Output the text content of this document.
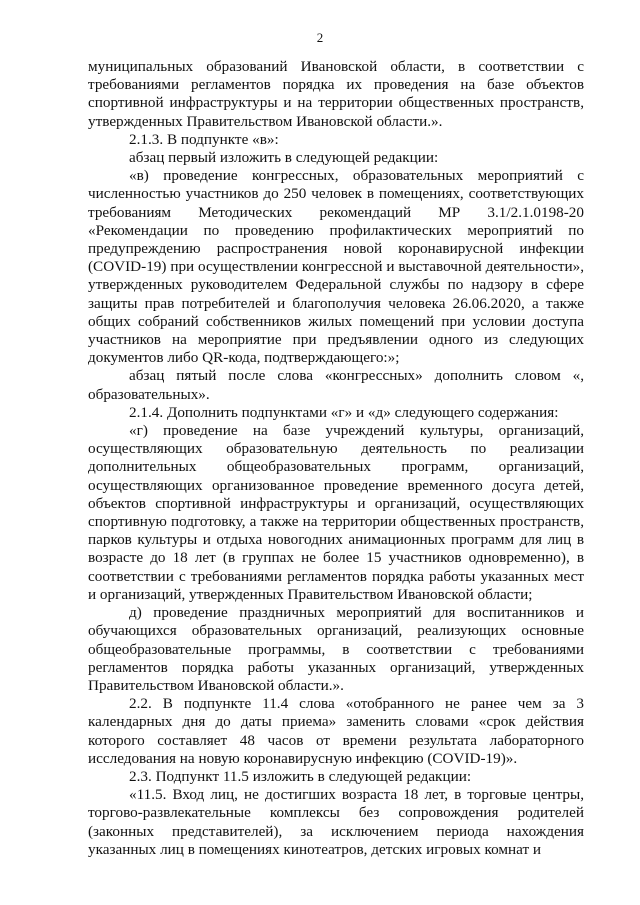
2

муниципальных образований Ивановской области, в соответствии с требованиями регламентов порядка их проведения на базе объектов спортивной инфраструктуры и на территории общественных пространств, утвержденных Правительством Ивановской области.».

2.1.3. В подпункте «в»:

абзац первый изложить в следующей редакции:

«в) проведение конгрессных, образовательных мероприятий с численностью участников до 250 человек в помещениях, соответствующих требованиям Методических рекомендаций МР 3.1/2.1.0198-20 «Рекомендации по проведению профилактических мероприятий по предупреждению распространения новой коронавирусной инфекции (COVID-19) при осуществлении конгрессной и выставочной деятельности», утвержденных руководителем Федеральной службы по надзору в сфере защиты прав потребителей и благополучия человека 26.06.2020, а также общих собраний собственников жилых помещений при условии доступа участников на мероприятие при предъявлении одного из следующих документов либо QR-кода, подтверждающего:»;

абзац пятый после слова «конгрессных» дополнить словом «, образовательных».

2.1.4. Дополнить подпунктами «г» и «д» следующего содержания:

«г) проведение на базе учреждений культуры, организаций, осуществляющих образовательную деятельность по реализации дополнительных общеобразовательных программ, организаций, осуществляющих организованное проведение временного досуга детей, объектов спортивной инфраструктуры и организаций, осуществляющих спортивную подготовку, а также на территории общественных пространств, парков культуры и отдыха новогодних анимационных программ для лиц в возрасте до 18 лет (в группах не более 15 участников одновременно), в соответствии с требованиями регламентов порядка работы указанных мест и организаций, утвержденных Правительством Ивановской области;

д) проведение праздничных мероприятий для воспитанников и обучающихся образовательных организаций, реализующих основные общеобразовательные программы, в соответствии с требованиями регламентов порядка работы указанных организаций, утвержденных Правительством Ивановской области.».

2.2. В подпункте 11.4 слова «отобранного не ранее чем за 3 календарных дня до даты приема» заменить словами «срок действия которого составляет 48 часов от времени результата лабораторного исследования на новую коронавирусную инфекцию (COVID-19)».

2.3. Подпункт 11.5 изложить в следующей редакции:

«11.5. Вход лиц, не достигших возраста 18 лет, в торговые центры, торгово-развлекательные комплексы без сопровождения родителей (законных представителей), за исключением периода нахождения указанных лиц в помещениях кинотеатров, детских игровых комнат и
